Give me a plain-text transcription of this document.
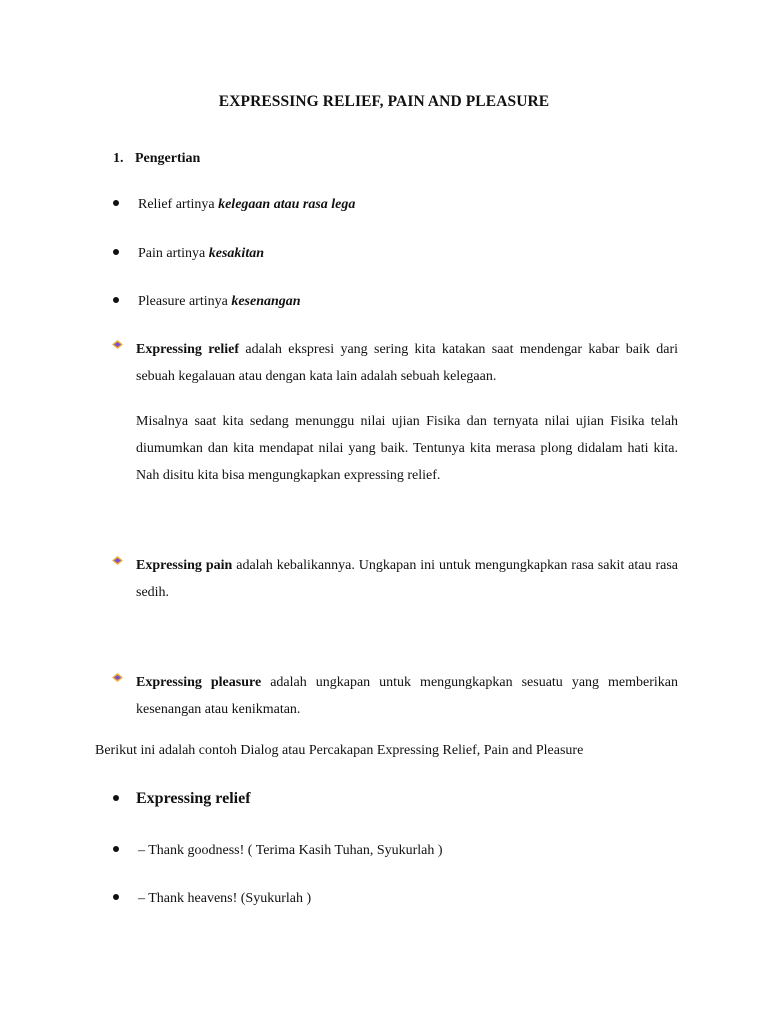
EXPRESSING RELIEF, PAIN AND PLEASURE
1. Pengertian
Relief artinya kelegaan atau rasa lega
Pain artinya kesakitan
Pleasure artinya kesenangan
Expressing relief adalah ekspresi yang sering kita katakan saat mendengar kabar baik dari sebuah kegalauan atau dengan kata lain adalah sebuah kelegaan.
Misalnya saat kita sedang menunggu nilai ujian Fisika dan ternyata nilai ujian Fisika telah diumumkan dan kita mendapat nilai yang baik. Tentunya kita merasa plong didalam hati kita. Nah disitu kita bisa mengungkapkan expressing relief.
Expressing pain adalah kebalikannya. Ungkapan ini untuk mengungkapkan rasa sakit atau rasa sedih.
Expressing pleasure adalah ungkapan untuk mengungkapkan sesuatu yang memberikan kesenangan atau kenikmatan.
Berikut ini adalah contoh Dialog atau Percakapan Expressing Relief, Pain and Pleasure
Expressing relief
– Thank goodness! ( Terima Kasih Tuhan, Syukurlah )
– Thank heavens! (Syukurlah )
